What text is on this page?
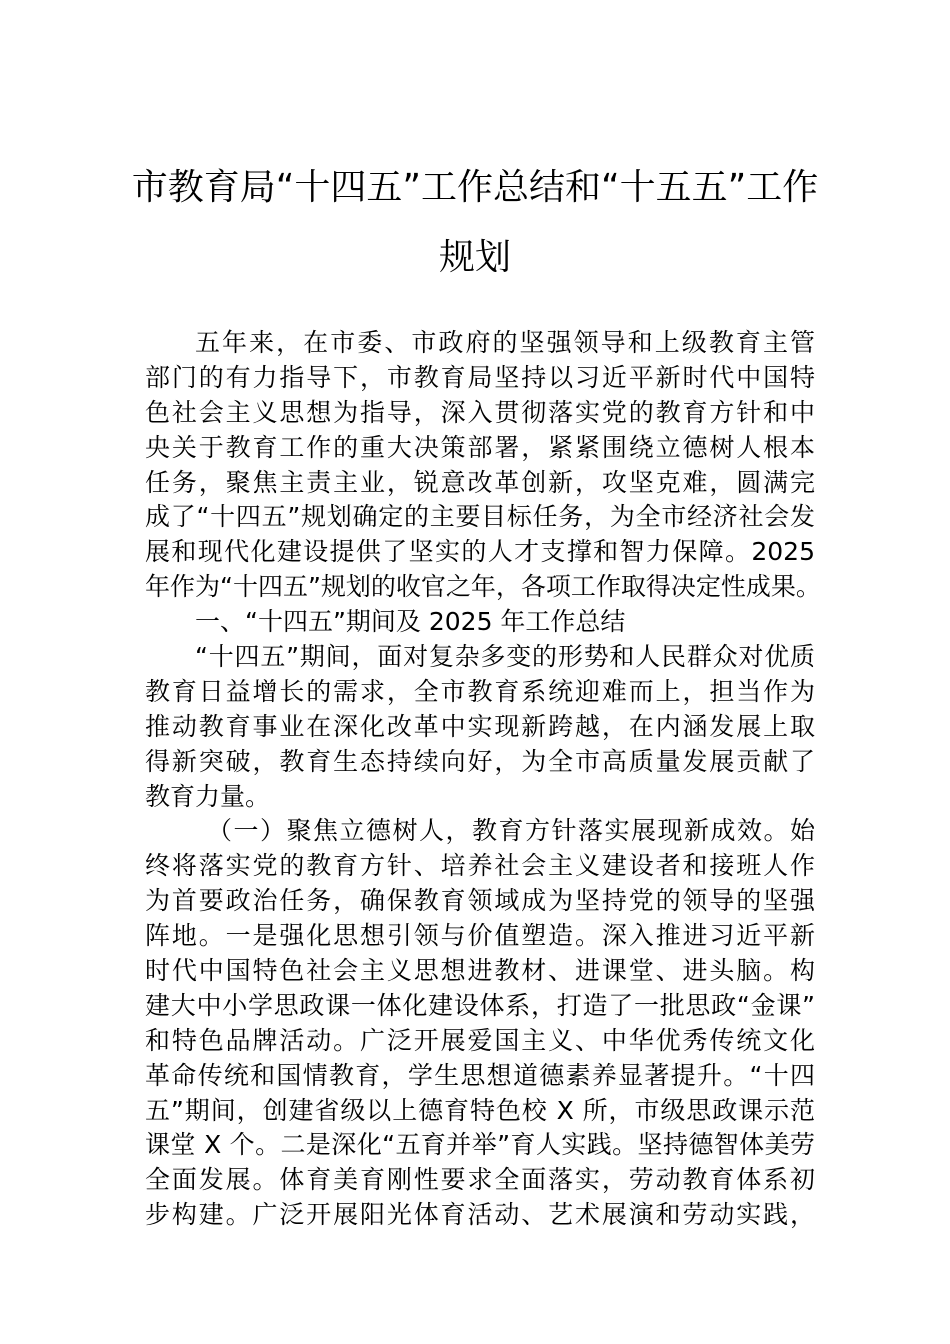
市教育局“十四五”工作总结和“十五五”工作
规划
五年来，在市委、市政府的坚强领导和上级教育主管
部门的有力指导下，市教育局坚持以习近平新时代中国特
色社会主义思想为指导，深入贯彻落实党的教育方针和中
央关于教育工作的重大决策部署，紧紧围绕立德树人根本
任务，聚焦主责主业，锐意改革创新，攻坚克难，圆满完
成了“十四五”规划确定的主要目标任务，为全市经济社会发
展和现代化建设提供了坚实的人才支撑和智力保障。2025
年作为“十四五”规划的收官之年，各项工作取得决定性成果。
一、“十四五”期间及 2025 年工作总结
“十四五”期间，面对复杂多变的形势和人民群众对优质
教育日益增长的需求，全市教育系统迎难而上，担当作为
推动教育事业在深化改革中实现新跨越，在内涵发展上取
得新突破，教育生态持续向好，为全市高质量发展贡献了
教育力量。
（一）聚焦立德树人，教育方针落实展现新成效。始
终将落实党的教育方针、培养社会主义建设者和接班人作
为首要政治任务，确保教育领域成为坚持党的领导的坚强
阵地。一是强化思想引领与价值塑造。深入推进习近平新
时代中国特色社会主义思想进教材、进课堂、进头脑。构
建大中小学思政课一体化建设体系，打造了一批思政“金课”
和特色品牌活动。广泛开展爱国主义、中华优秀传统文化
革命传统和国情教育，学生思想道德素养显著提升。“十四
五”期间，创建省级以上德育特色校 X 所，市级思政课示范
课堂 X 个。二是深化“五育并举”育人实践。坚持德智体美劳
全面发展。体育美育刚性要求全面落实，劳动教育体系初
步构建。广泛开展阳光体育活动、艺术展演和劳动实践，
